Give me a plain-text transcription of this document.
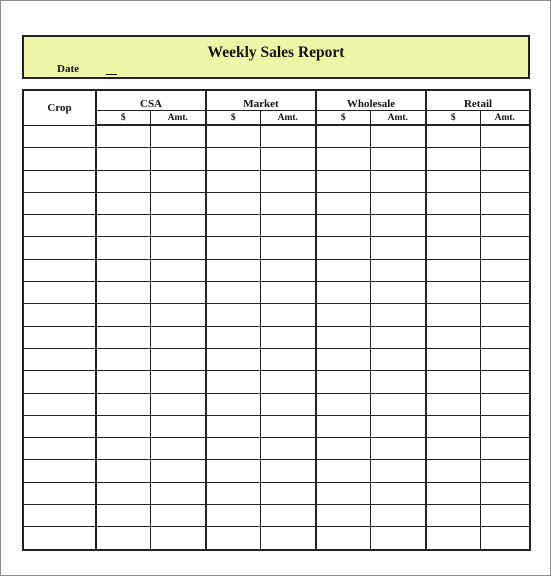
Weekly Sales Report
Date
Crop	CSA		Market		Wholesale		Retail	
	$	Amt.	$	Amt.	$	Amt.	$	Amt.
